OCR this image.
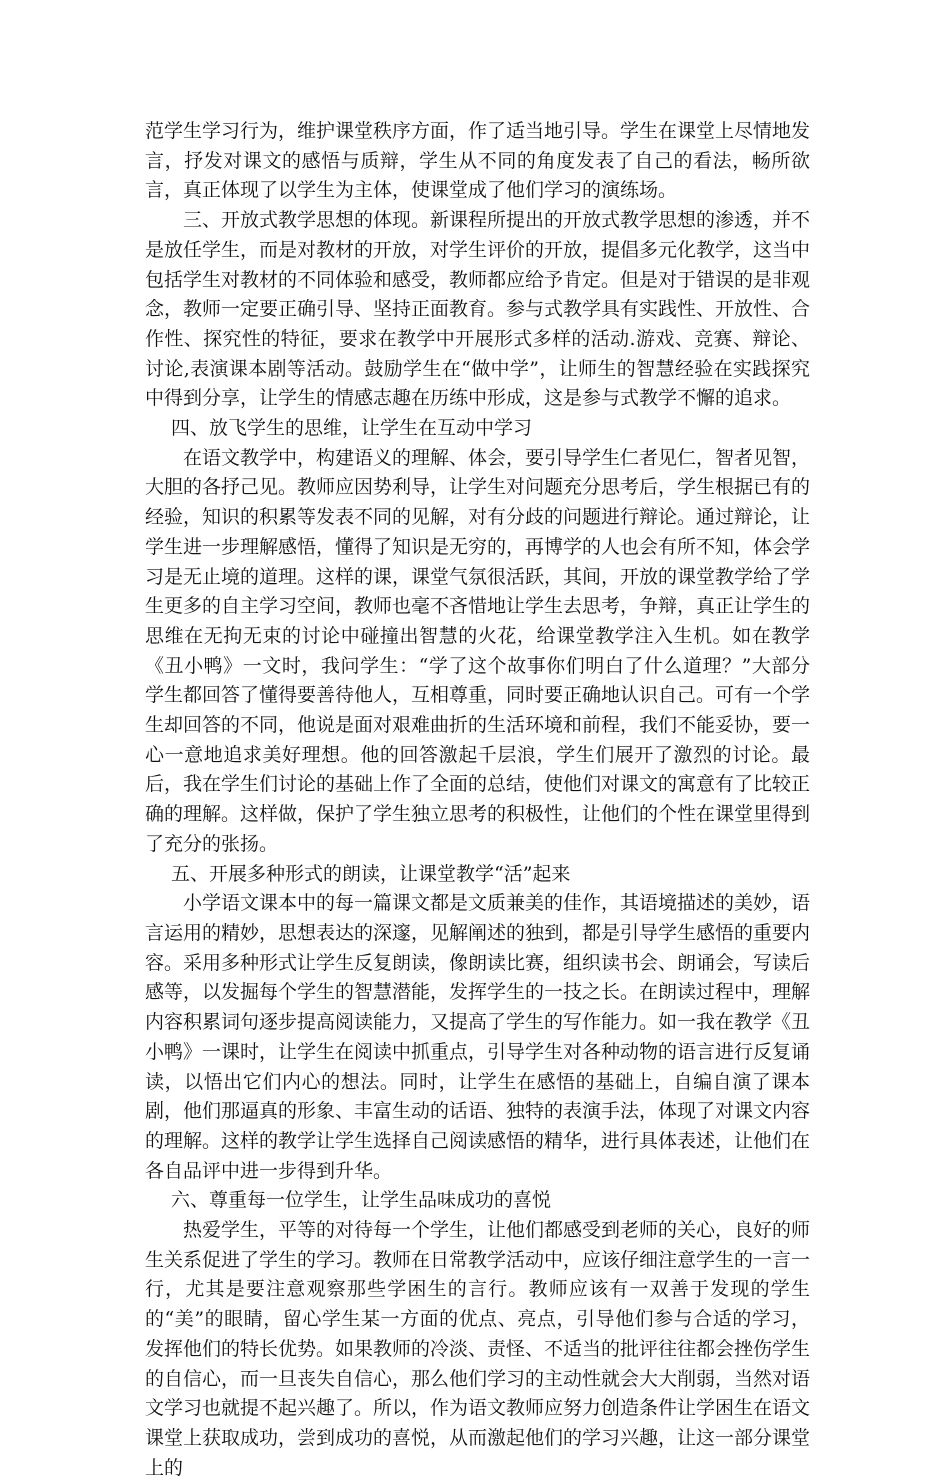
范学生学习行为，维护课堂秩序方面，作了适当地引导。学生在课堂上尽情地发言，抒发对课文的感悟与质辩，学生从不同的角度发表了自己的看法，畅所欲言，真正体现了以学生为主体，使课堂成了他们学习的演练场。

三、开放式教学思想的体现。新课程所提出的开放式教学思想的渗透，并不是放任学生，而是对教材的开放，对学生评价的开放，提倡多元化教学，这当中包括学生对教材的不同体验和感受，教师都应给予肯定。但是对于错误的是非观念，教师一定要正确引导、坚持正面教育。参与式教学具有实践性、开放性、合作性、探究性的特征，要求在教学中开展形式多样的活动.游戏、竞赛、辩论、讨论,表演课本剧等活动。鼓励学生在“做中学”，让师生的智慧经验在实践探究中得到分享，让学生的情感志趣在历练中形成，这是参与式教学不懈的追求。

四、放飞学生的思维，让学生在互动中学习

在语文教学中，构建语义的理解、体会，要引导学生仁者见仁，智者见智，大胆的各抒己见。教师应因势利导，让学生对问题充分思考后，学生根据已有的经验，知识的积累等发表不同的见解，对有分歧的问题进行辩论。通过辩论，让学生进一步理解感悟，懂得了知识是无穷的，再博学的人也会有所不知，体会学习是无止境的道理。这样的课，课堂气氛很活跃，其间，开放的课堂教学给了学生更多的自主学习空间，教师也毫不吝惜地让学生去思考，争辩，真正让学生的思维在无拘无束的讨论中碰撞出智慧的火花，给课堂教学注入生机。如在教学《丑小鸭》一文时，我问学生：“学了这个故事你们明白了什么道理？”大部分学生都回答了懂得要善待他人，互相尊重，同时要正确地认识自己。可有一个学生却回答的不同，他说是面对艰难曲折的生活环境和前程，我们不能妥协，要一心一意地追求美好理想。他的回答激起千层浪，学生们展开了激烈的讨论。最后，我在学生们讨论的基础上作了全面的总结，使他们对课文的寓意有了比较正确的理解。这样做，保护了学生独立思考的积极性，让他们的个性在课堂里得到了充分的张扬。

五、开展多种形式的朗读，让课堂教学“活”起来

小学语文课本中的每一篇课文都是文质兼美的佳作，其语境描述的美妙，语言运用的精妙，思想表达的深邃，见解阐述的独到，都是引导学生感悟的重要内容。采用多种形式让学生反复朗读，像朗读比赛，组织读书会、朗诵会，写读后感等，以发掘每个学生的智慧潜能，发挥学生的一技之长。在朗读过程中，理解内容积累词句逐步提高阅读能力，又提高了学生的写作能力。如一我在教学《丑小鸭》一课时，让学生在阅读中抓重点，引导学生对各种动物的语言进行反复诵读，以悟出它们内心的想法。同时，让学生在感悟的基础上，自编自演了课本剧，他们那逼真的形象、丰富生动的话语、独特的表演手法，体现了对课文内容的理解。这样的教学让学生选择自己阅读感悟的精华，进行具体表述，让他们在各自品评中进一步得到升华。

六、尊重每一位学生，让学生品味成功的喜悦

热爱学生，平等的对待每一个学生，让他们都感受到老师的关心，良好的师生关系促进了学生的学习。教师在日常教学活动中，应该仔细注意学生的一言一行，尤其是要注意观察那些学困生的言行。教师应该有一双善于发现的学生的“美”的眼睛，留心学生某一方面的优点、亮点，引导他们参与合适的学习，发挥他们的特长优势。如果教师的冷淡、责怪、不适当的批评往往都会挫伤学生的自信心，而一旦丧失自信心，那么他们学习的主动性就会大大削弱，当然对语文学习也就提不起兴趣了。所以，作为语文教师应努力创造条件让学困生在语文课堂上获取成功，尝到成功的喜悦，从而激起他们的学习兴趣，让这一部分课堂上的
